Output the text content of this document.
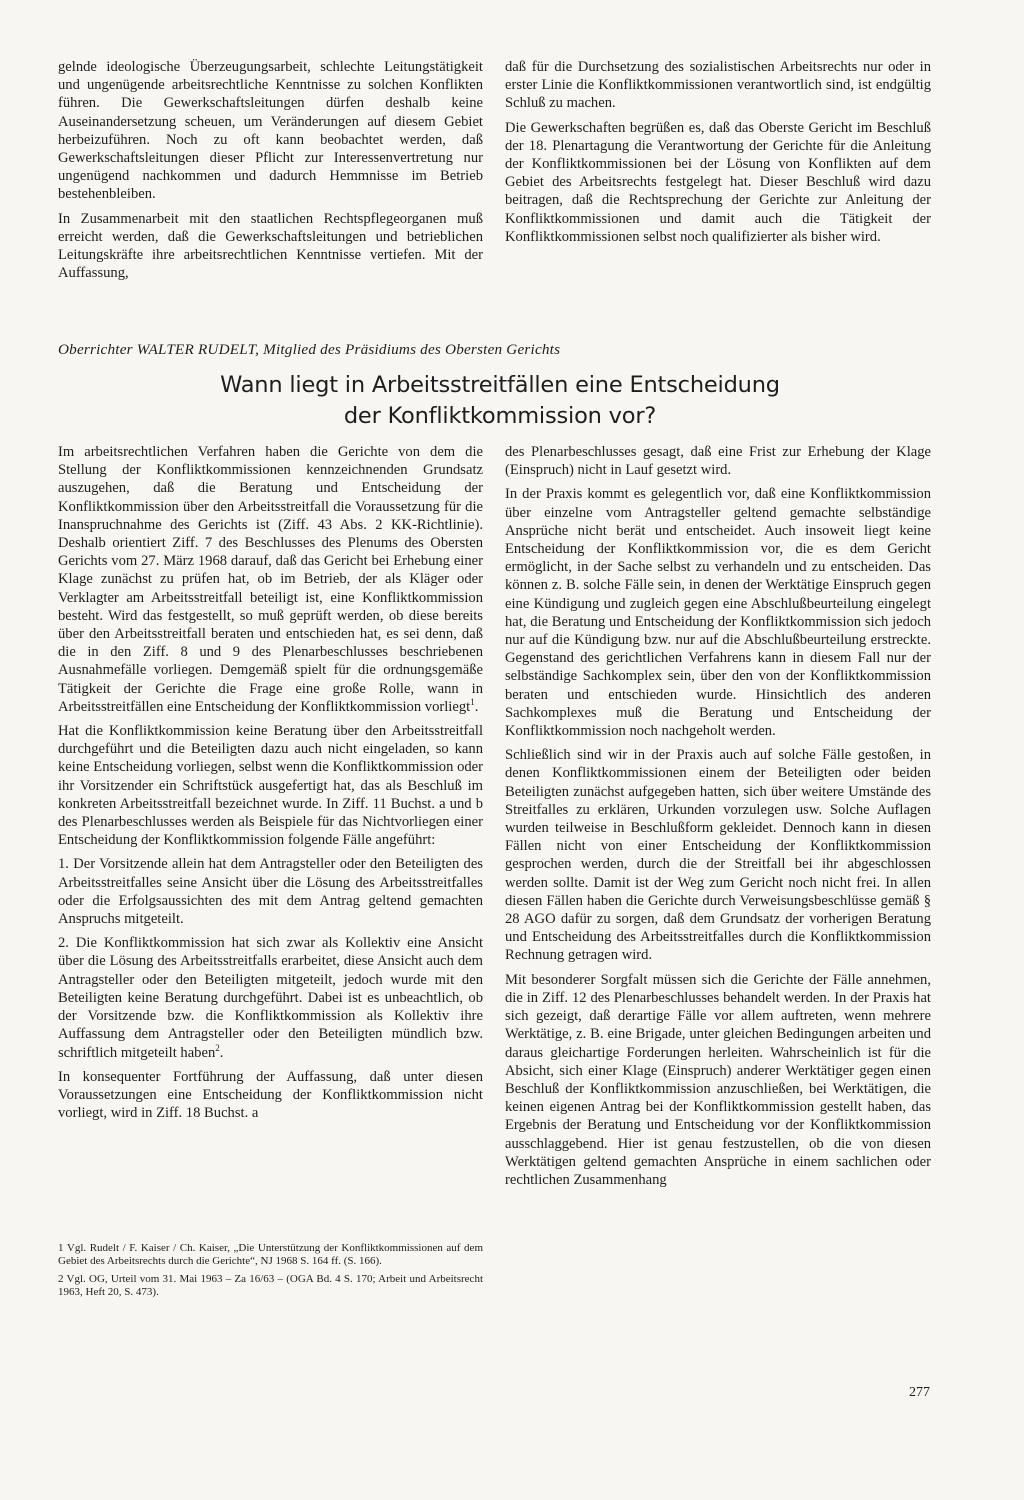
gelnde ideologische Überzeugungsarbeit, schlechte Leitungstätigkeit und ungenügende arbeitsrechtliche Kenntnisse zu solchen Konflikten führen. Die Gewerkschaftsleitungen dürfen deshalb keine Auseinandersetzung scheuen, um Veränderungen auf diesem Gebiet herbeizuführen. Noch zu oft kann beobachtet werden, daß Gewerkschaftsleitungen dieser Pflicht zur Interessenvertretung nur ungenügend nachkommen und dadurch Hemmnisse im Betrieb bestehenbleiben.

In Zusammenarbeit mit den staatlichen Rechtspflegeorganen muß erreicht werden, daß die Gewerkschaftsleitungen und betrieblichen Leitungskräfte ihre arbeitsrechtlichen Kenntnisse vertiefen. Mit der Auffassung,

daß für die Durchsetzung des sozialistischen Arbeitsrechts nur oder in erster Linie die Konfliktkommissionen verantwortlich sind, ist endgültig Schluß zu machen.

Die Gewerkschaften begrüßen es, daß das Oberste Gericht im Beschluß der 18. Plenartagung die Verantwortung der Gerichte für die Anleitung der Konfliktkommissionen bei der Lösung von Konflikten auf dem Gebiet des Arbeitsrechts festgelegt hat. Dieser Beschluß wird dazu beitragen, daß die Rechtsprechung der Gerichte zur Anleitung der Konfliktkommissionen und damit auch die Tätigkeit der Konfliktkommissionen selbst noch qualifizierter als bisher wird.

Oberrichter WALTER RUDELT, Mitglied des Präsidiums des Obersten Gerichts
Wann liegt in Arbeitsstreitfällen eine Entscheidung
der Konfliktkommission vor?

Im arbeitsrechtlichen Verfahren haben die Gerichte von dem die Stellung der Konfliktkommissionen kennzeichnenden Grundsatz auszugehen, daß die Beratung und Entscheidung der Konfliktkommission über den Arbeitsstreitfall die Voraussetzung für die Inanspruchnahme des Gerichts ist (Ziff. 43 Abs. 2 KK-Richtlinie). Deshalb orientiert Ziff. 7 des Beschlusses des Plenums des Obersten Gerichts vom 27. März 1968 darauf, daß das Gericht bei Erhebung einer Klage zunächst zu prüfen hat, ob im Betrieb, der als Kläger oder Verklagter am Arbeitsstreitfall beteiligt ist, eine Konfliktkommission besteht. Wird das festgestellt, so muß geprüft werden, ob diese bereits über den Arbeitsstreitfall beraten und entschieden hat, es sei denn, daß die in den Ziff. 8 und 9 des Plenarbeschlusses beschriebenen Ausnahmefälle vorliegen. Demgemäß spielt für die ordnungsgemäße Tätigkeit der Gerichte die Frage eine große Rolle, wann in Arbeitsstreitfällen eine Entscheidung der Konfliktkommission vorliegt$^1$.

Hat die Konfliktkommission keine Beratung über den Arbeitsstreitfall durchgeführt und die Beteiligten dazu auch nicht eingeladen, so kann keine Entscheidung vorliegen, selbst wenn die Konfliktkommission oder ihr Vorsitzender ein Schriftstück ausgefertigt hat, das als Beschluß im konkreten Arbeitsstreitfall bezeichnet wurde. In Ziff. 11 Buchst. a und b des Plenarbeschlusses werden als Beispiele für das Nichtvorliegen einer Entscheidung der Konfliktkommission folgende Fälle angeführt:

1. Der Vorsitzende allein hat dem Antragsteller oder den Beteiligten des Arbeitsstreitfalles seine Ansicht über die Lösung des Arbeitsstreitfalles oder die Erfolgsaussichten des mit dem Antrag geltend gemachten Anspruchs mitgeteilt.

2. Die Konfliktkommission hat sich zwar als Kollektiv eine Ansicht über die Lösung des Arbeitsstreitfalls erarbeitet, diese Ansicht auch dem Antragsteller oder den Beteiligten mitgeteilt, jedoch wurde mit den Beteiligten keine Beratung durchgeführt. Dabei ist es unbeachtlich, ob der Vorsitzende bzw. die Konfliktkommission als Kollektiv ihre Auffassung dem Antragsteller oder den Beteiligten mündlich bzw. schriftlich mitgeteilt haben$^2$.

In konsequenter Fortführung der Auffassung, daß unter diesen Voraussetzungen eine Entscheidung der Konfliktkommission nicht vorliegt, wird in Ziff. 18 Buchst. a

1 Vgl. Rudelt / F. Kaiser / Ch. Kaiser, „Die Unterstützung der Konfliktkommissionen auf dem Gebiet des Arbeitsrechts durch die Gerichte“, NJ 1968 S. 164 ff. (S. 166).

2 Vgl. OG, Urteil vom 31. Mai 1963 – Za 16/63 – (OGA Bd. 4 S. 170; Arbeit und Arbeitsrecht 1963, Heft 20, S. 473).

des Plenarbeschlusses gesagt, daß eine Frist zur Erhebung der Klage (Einspruch) nicht in Lauf gesetzt wird.

In der Praxis kommt es gelegentlich vor, daß eine Konfliktkommission über einzelne vom Antragsteller geltend gemachte selbständige Ansprüche nicht berät und entscheidet. Auch insoweit liegt keine Entscheidung der Konfliktkommission vor, die es dem Gericht ermöglicht, in der Sache selbst zu verhandeln und zu entscheiden. Das können z. B. solche Fälle sein, in denen der Werktätige Einspruch gegen eine Kündigung und zugleich gegen eine Abschlußbeurteilung eingelegt hat, die Beratung und Entscheidung der Konfliktkommission sich jedoch nur auf die Kündigung bzw. nur auf die Abschlußbeurteilung erstreckte. Gegenstand des gerichtlichen Verfahrens kann in diesem Fall nur der selbständige Sachkomplex sein, über den von der Konfliktkommission beraten und entschieden wurde. Hinsichtlich des anderen Sachkomplexes muß die Beratung und Entscheidung der Konfliktkommission noch nachgeholt werden.

Schließlich sind wir in der Praxis auch auf solche Fälle gestoßen, in denen Konfliktkommissionen einem der Beteiligten oder beiden Beteiligten zunächst aufgegeben hatten, sich über weitere Umstände des Streitfalles zu erklären, Urkunden vorzulegen usw. Solche Auflagen wurden teilweise in Beschlußform gekleidet. Dennoch kann in diesen Fällen nicht von einer Entscheidung der Konfliktkommission gesprochen werden, durch die der Streitfall bei ihr abgeschlossen werden sollte. Damit ist der Weg zum Gericht noch nicht frei. In allen diesen Fällen haben die Gerichte durch Verweisungsbeschlüsse gemäß § 28 AGO dafür zu sorgen, daß dem Grundsatz der vorherigen Beratung und Entscheidung des Arbeitsstreitfalles durch die Konfliktkommission Rechnung getragen wird.

Mit besonderer Sorgfalt müssen sich die Gerichte der Fälle annehmen, die in Ziff. 12 des Plenarbeschlusses behandelt werden. In der Praxis hat sich gezeigt, daß derartige Fälle vor allem auftreten, wenn mehrere Werktätige, z. B. eine Brigade, unter gleichen Bedingungen arbeiten und daraus gleichartige Forderungen herleiten. Wahrscheinlich ist für die Absicht, sich einer Klage (Einspruch) anderer Werktätiger gegen einen Beschluß der Konfliktkommission anzuschließen, bei Werktätigen, die keinen eigenen Antrag bei der Konfliktkommission gestellt haben, das Ergebnis der Beratung und Entscheidung vor der Konfliktkommission ausschlaggebend. Hier ist genau festzustellen, ob die von diesen Werktätigen geltend gemachten Ansprüche in einem sachlichen oder rechtlichen Zusammenhang

277
